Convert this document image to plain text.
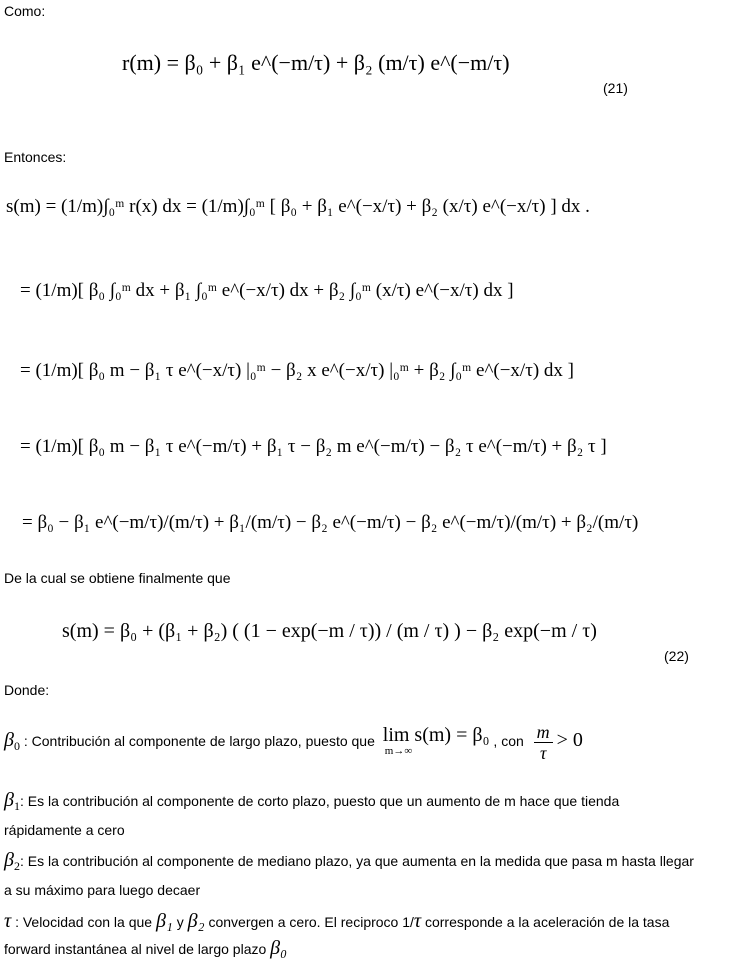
Como:
r(m) = β₀ + β₁ e^(−m/τ) + β₂ (m/τ) e^(−m/τ)
(21)
Entonces:
s(m) = (1/m)∫₀ᵐ r(x) dx = (1/m)∫₀ᵐ [ β₀ + β₁ e^(−x/τ) + β₂ (x/τ) e^(−x/τ) ] dx .
= (1/m)[ β₀ ∫₀ᵐ dx + β₁ ∫₀ᵐ e^(−x/τ) dx + β₂ ∫₀ᵐ (x/τ) e^(−x/τ) dx ]
= (1/m)[ β₀ m − β₁ τ e^(−x/τ) |₀ᵐ − β₂ x e^(−x/τ) |₀ᵐ + β₂ ∫₀ᵐ e^(−x/τ) dx ]
= (1/m)[ β₀ m − β₁ τ e^(−m/τ) + β₁ τ − β₂ m e^(−m/τ) − β₂ τ e^(−m/τ) + β₂ τ ]
= β₀ − β₁ e^(−m/τ)/(m/τ) + β₁/(m/τ) − β₂ e^(−m/τ) − β₂ e^(−m/τ)/(m/τ) + β₂/(m/τ)
De la cual se obtiene finalmente que
s(m) = β₀ + (β₁ + β₂) ( (1 − exp(−m / τ)) / (m / τ) ) − β₂ exp(−m / τ)
(22)
Donde:
$\beta_0$ : Contribución al componente de largo plazo, puesto que lim s(m) = β₀
m→∞
, con $\frac{m}{\tau} > 0$
$\beta_1$: Es la contribución al componente de corto plazo, puesto que un aumento de m hace que tienda
rápidamente a cero
$\beta_2$: Es la contribución al componente de mediano plazo, ya que aumenta en la medida que pasa m hasta llegar
a su máximo para luego decaer
τ : Velocidad con la que β₁ y β₂ convergen a cero. El reciproco 1/τ corresponde a la aceleración de la tasa
forward instantánea al nivel de largo plazo β₀
